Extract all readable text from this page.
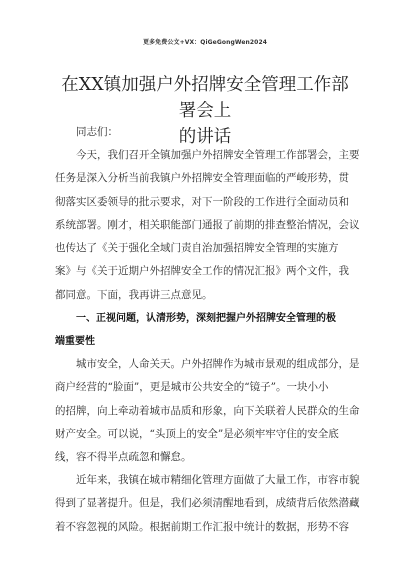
更多免费公文+VX：QiGeGongWen2024
在XX镇加强户外招牌安全管理工作部署会上
的讲话
同志们：
今天，我们召开全镇加强户外招牌安全管理工作部署会，主要
任务是深入分析当前我镇户外招牌安全管理面临的严峻形势，贯
彻落实区委领导的批示要求，对下一阶段的工作进行全面动员和
系统部署。刚才，相关职能部门通报了前期的排查整治情况，会议
也传达了《关于强化全域门责自治加强招牌安全管理的实施方
案》与《关于近期户外招牌安全工作的情况汇报》两个文件，我
都同意。下面，我再讲三点意见。
一、正视问题，认清形势，深刻把握户外招牌安全管理的极
端重要性
城市安全，人命关天。户外招牌作为城市景观的组成部分，是
商户经营的“脸面”，更是城市公共安全的“镜子”。一块小小
的招牌，向上牵动着城市品质和形象，向下关联着人民群众的生命
财产安全。可以说，“头顶上的安全”是必须牢牢守住的安全底
线，容不得半点疏忽和懈怠。
近年来，我镇在城市精细化管理方面做了大量工作，市容市貌
得到了显著提升。但是，我们必须清醒地看到，成绩背后依然潜藏
着不容忽视的风险。根据前期工作汇报中统计的数据，形势不容
